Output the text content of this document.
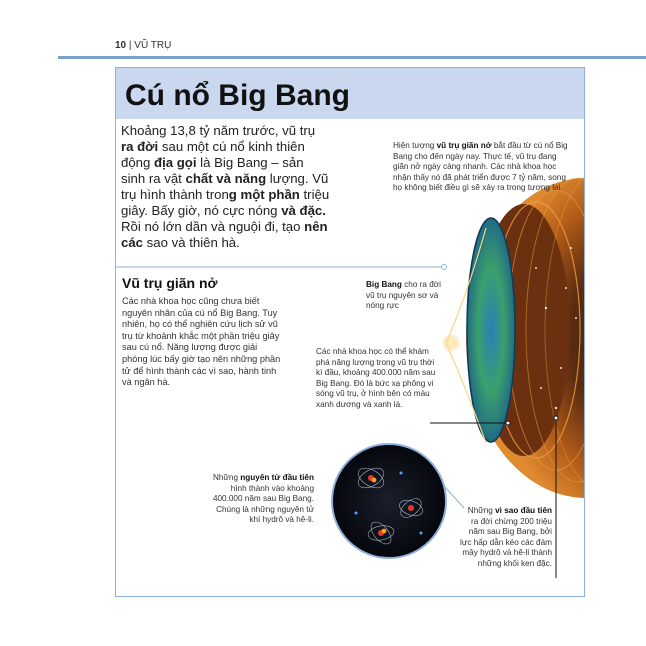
10 | VŨ TRỤ
Cú nổ Big Bang
Khoảng 13,8 tỷ năm trước, vũ trụ ra đời sau một cú nổ kinh thiên động địa gọi là Big Bang – sản sinh ra vật chất và năng lượng. Vũ trụ hình thành trong một phần triệu giây. Bấy giờ, nó cực nóng và đặc. Rồi nó lớn dần và nguội đi, tạo nên các sao và thiên hà.
Hiện tượng vũ trụ giãn nở bắt đầu từ cú nổ Big Bang cho đến ngày nay. Thực tế, vũ trụ đang giãn nở ngày càng nhanh. Các nhà khoa học nhận thấy nó đã phát triển được 7 tỷ năm, song họ không biết điều gì sẽ xảy ra trong tương lai.
Vũ trụ giãn nở
Các nhà khoa học cũng chưa biết nguyên nhân của cú nổ Big Bang. Tuy nhiên, họ có thể nghiên cứu lịch sử vũ trụ từ khoảnh khắc một phần triệu giây sau cú nổ. Năng lượng được giải phóng lúc bấy giờ tạo nên những phần tử để hình thành các vì sao, hành tinh và ngân hà.
Big Bang cho ra đời vũ trụ nguyên sơ và nóng rực
Các nhà khoa học có thể khám phá năng lượng trong vũ trụ thời kì đầu, khoảng 400.000 năm sau Big Bang. Đó là bức xạ phông vi sóng vũ trụ, ở hình bên có màu xanh dương và xanh lá.
Những nguyên tử đầu tiên hình thành vào khoảng 400.000 năm sau Big Bang. Chúng là những nguyên tử khí hydrô và hê-li.
Những vì sao đầu tiên ra đời chừng 200 triệu năm sau Big Bang, bởi lực hấp dẫn kéo các đám mây hydrô và hê-li thành những khối ken đặc.
